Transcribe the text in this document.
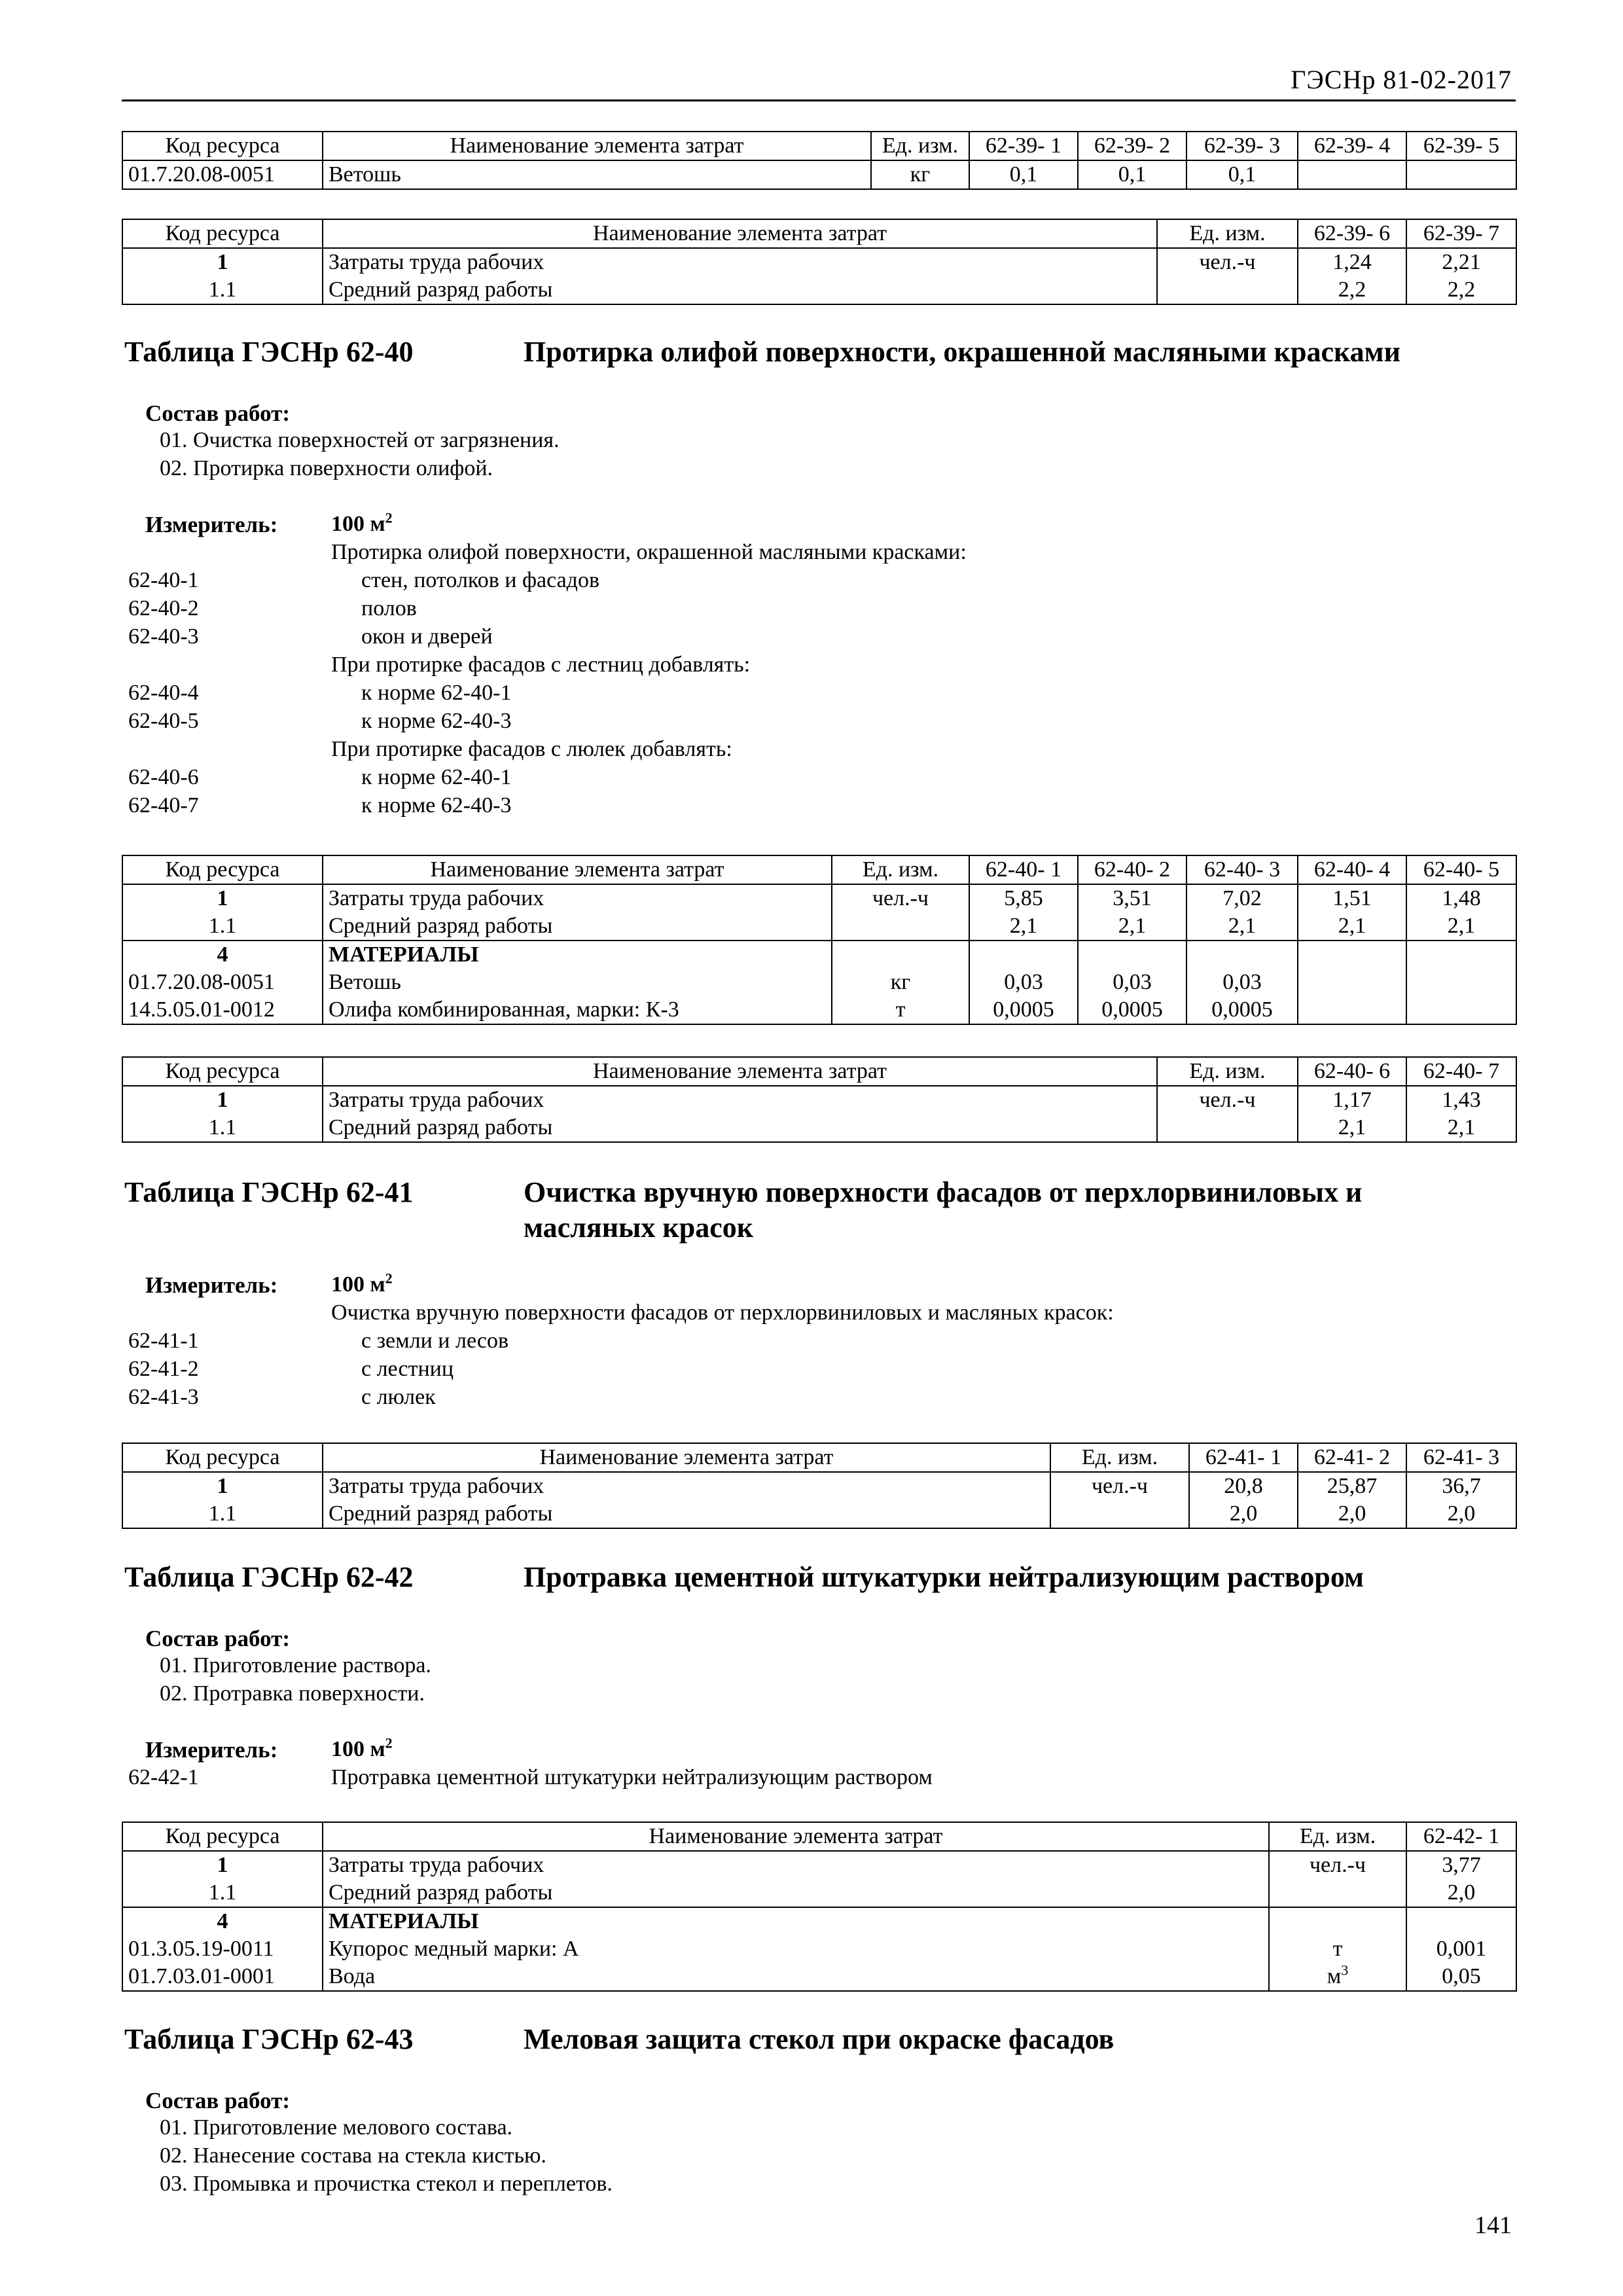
ГЭСНр 81-02-2017
Код ресурса	Наименование элемента затрат	Ед. изм.	62-39- 1	62-39- 2	62-39- 3	62-39- 4	62-39- 5
01.7.20.08-0051	Ветошь	кг	0,1	0,1	0,1		
Код ресурса	Наименование элемента затрат	Ед. изм.	62-39- 6	62-39- 7
1	Затраты труда рабочих	чел.-ч	1,24	2,21
1.1	Средний разряд работы		2,2	2,2
Таблица ГЭСНр 62-40	Протирка олифой поверхности, окрашенной масляными красками
Состав работ:
01. Очистка поверхностей от загрязнения.
02. Протирка поверхности олифой.
Измеритель: 100 $м^2$
Протирка олифой поверхности, окрашенной масляными красками:
62-40-1	стен, потолков и фасадов
62-40-2	полов
62-40-3	окон и дверей
При протирке фасадов с лестниц добавлять:
62-40-4	к норме 62-40-1
62-40-5	к норме 62-40-3
При протирке фасадов с люлек добавлять:
62-40-6	к норме 62-40-1
62-40-7	к норме 62-40-3
Код ресурса	Наименование элемента затрат	Ед. изм.	62-40- 1	62-40- 2	62-40- 3	62-40- 4	62-40- 5
1	Затраты труда рабочих	чел.-ч	5,85	3,51	7,02	1,51	1,48
1.1	Средний разряд работы		2,1	2,1	2,1	2,1	2,1
4	МАТЕРИАЛЫ						
01.7.20.08-0051	Ветошь	кг	0,03	0,03	0,03		
14.5.05.01-0012	Олифа комбинированная, марки: К-3	т	0,0005	0,0005	0,0005		
Код ресурса	Наименование элемента затрат	Ед. изм.	62-40- 6	62-40- 7
1	Затраты труда рабочих	чел.-ч	1,17	1,43
1.1	Средний разряд работы		2,1	2,1
Таблица ГЭСНр 62-41	Очистка вручную поверхности фасадов от перхлорвиниловых и
масляных красок
Измеритель: 100 $м^2$
Очистка вручную поверхности фасадов от перхлорвиниловых и масляных красок:
62-41-1	с земли и лесов
62-41-2	с лестниц
62-41-3	с люлек
Код ресурса	Наименование элемента затрат	Ед. изм.	62-41- 1	62-41- 2	62-41- 3
1	Затраты труда рабочих	чел.-ч	20,8	25,87	36,7
1.1	Средний разряд работы		2,0	2,0	2,0
Таблица ГЭСНр 62-42	Протравка цементной штукатурки нейтрализующим раствором
Состав работ:
01. Приготовление раствора.
02. Протравка поверхности.
Измеритель: 100 $м^2$
62-42-1	Протравка цементной штукатурки нейтрализующим раствором
Код ресурса	Наименование элемента затрат	Ед. изм.	62-42- 1
1	Затраты труда рабочих	чел.-ч	3,77
1.1	Средний разряд работы		2,0
4	МАТЕРИАЛЫ		
01.3.05.19-0011	Купорос медный марки: А	т	0,001
01.7.03.01-0001	Вода	$м^3$	0,05
Таблица ГЭСНр 62-43	Меловая защита стекол при окраске фасадов
Состав работ:
01. Приготовление мелового состава.
02. Нанесение состава на стекла кистью.
03. Промывка и прочистка стекол и переплетов.
141
